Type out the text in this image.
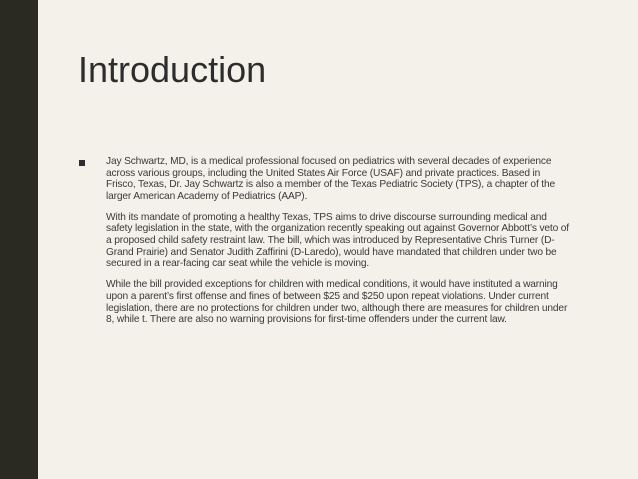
Introduction

Jay Schwartz, MD, is a medical professional focused on pediatrics with several decades of experience across various groups, including the United States Air Force (USAF) and private practices. Based in Frisco, Texas, Dr. Jay Schwartz is also a member of the Texas Pediatric Society (TPS), a chapter of the larger American Academy of Pediatrics (AAP).

With its mandate of promoting a healthy Texas, TPS aims to drive discourse surrounding medical and safety legislation in the state, with the organization recently speaking out against Governor Abbott’s veto of a proposed child safety restraint law. The bill, which was introduced by Representative Chris Turner (D-Grand Prairie) and Senator Judith Zaffirini (D-Laredo), would have mandated that children under two be secured in a rear-facing car seat while the vehicle is moving.

While the bill provided exceptions for children with medical conditions, it would have instituted a warning upon a parent’s first offense and fines of between $25 and $250 upon repeat violations. Under current legislation, there are no protections for children under two, although there are measures for children under 8, while t. There are also no warning provisions for first-time offenders under the current law.
